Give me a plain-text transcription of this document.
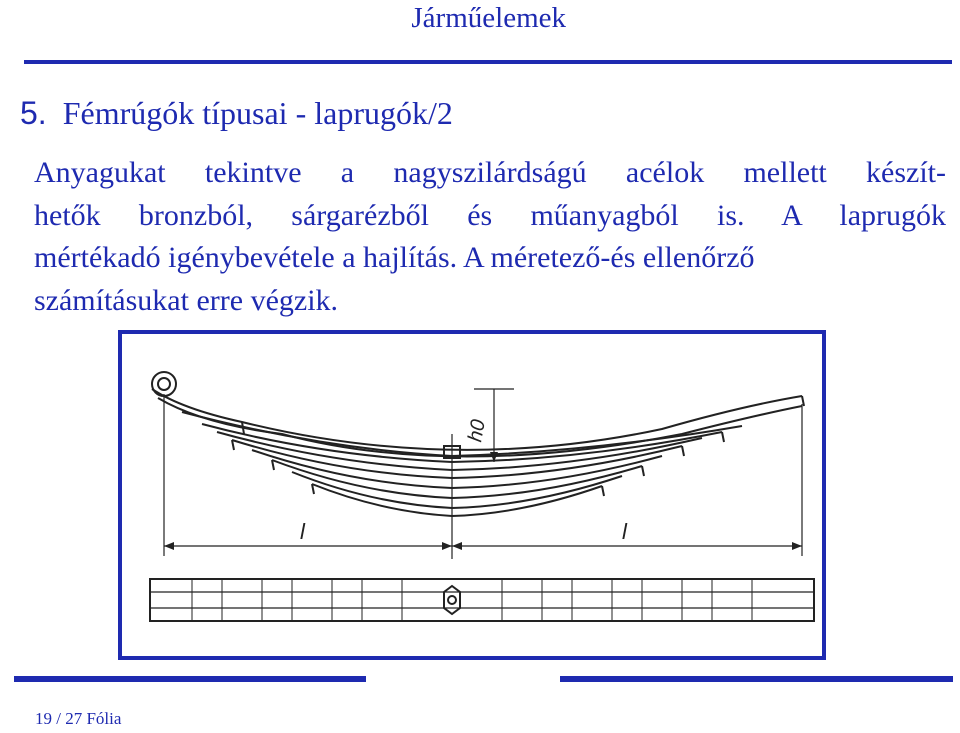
Járműelemek
5. Fémrúgók típusai - laprugók/2
Anyagukat tekintve a nagyszilárdságú acélok mellett készít-
hetők bronzból, sárgarézből és műanyagból is. A laprugók
mértékadó igénybevétele a hajlítás. A méretező-és ellenőrző
számításukat erre végzik.
h0
l	l
19 / 27 Fólia
